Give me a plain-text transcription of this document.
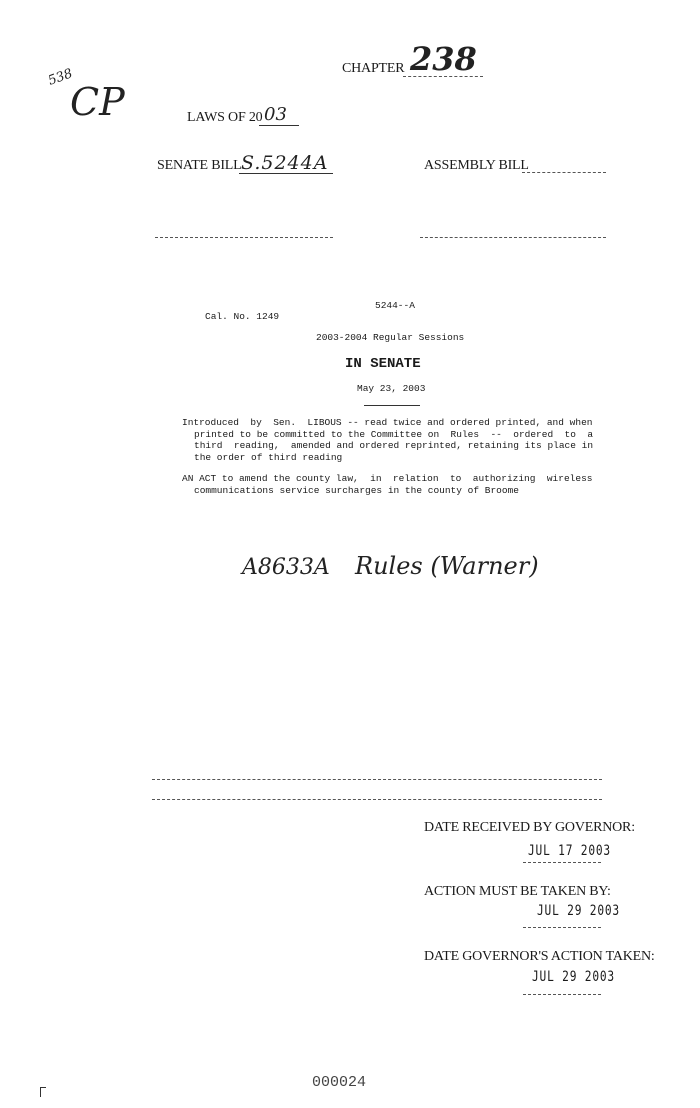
538
CP
CHAPTER 238
LAWS OF 20 03
SENATE BILL S.5244A	ASSEMBLY BILL
5244--A
Cal. No. 1249
2003-2004 Regular Sessions
IN SENATE
May 23, 2003
Introduced  by  Sen.  LIBOUS -- read twice and ordered printed, and when
printed to be committed to the Committee on  Rules  --  ordered  to  a
third  reading,  amended and ordered reprinted, retaining its place in
the order of third reading
AN ACT to amend the county law,  in  relation  to  authorizing  wireless
communications service surcharges in the county of Broome
A8633A Rules (Warner)
DATE RECEIVED BY GOVERNOR:
JUL 17 2003
ACTION MUST BE TAKEN BY:
JUL 29 2003
DATE GOVERNOR'S ACTION TAKEN:
JUL 29 2003
000024
